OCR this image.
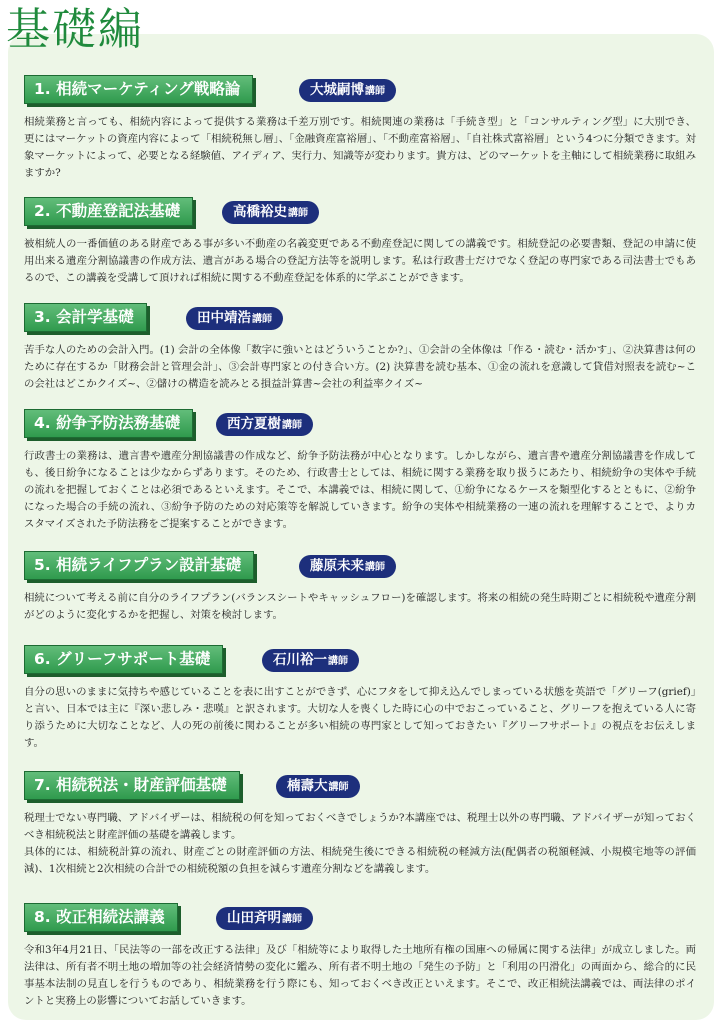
基礎編
1. 相続マーケティング戦略論	大城嗣博講師

相続業務と言っても、相続内容によって提供する業務は千差万別です。相続関連の業務は「手続き型」と「コンサルティング型」に大別でき、更にはマーケットの資産内容によって「相続税無し層」、「金融資産富裕層」、「不動産富裕層」、「自社株式富裕層」という4つに分類できます。対象マーケットによって、必要となる経験値、アイディア、実行力、知識等が変わります。貴方は、どのマーケットを主軸にして相続業務に取組みますか?

2. 不動産登記法基礎	高橋裕史講師

被相続人の一番価値のある財産である事が多い不動産の名義変更である不動産登記に関しての講義です。相続登記の必要書類、登記の申請に使用出来る遺産分割協議書の作成方法、遺言がある場合の登記方法等を説明します。私は行政書士だけでなく登記の専門家である司法書士でもあるので、この講義を受講して頂ければ相続に関する不動産登記を体系的に学ぶことができます。

3. 会計学基礎	田中靖浩講師

苦手な人のための会計入門。(1) 会計の全体像「数字に強いとはどういうことか?」、①会計の全体像は「作る・読む・活かす」、②決算書は何のために存在するか「財務会計と管理会計」、③会計専門家との付き合い方。(2) 決算書を読む基本、①金の流れを意識して貸借対照表を読む~この会社はどこかクイズ~、②儲けの構造を読みとる損益計算書~会社の利益率クイズ~

4. 紛争予防法務基礎	西方夏樹講師

行政書士の業務は、遺言書や遺産分割協議書の作成など、紛争予防法務が中心となります。しかしながら、遺言書や遺産分割協議書を作成しても、後日紛争になることは少なからずあります。そのため、行政書士としては、相続に関する業務を取り扱うにあたり、相続紛争の実体や手続の流れを把握しておくことは必須であるといえます。そこで、本講義では、相続に関して、①紛争になるケースを類型化するとともに、②紛争になった場合の手続の流れ、③紛争予防のための対応策等を解説していきます。紛争の実体や相続業務の一連の流れを理解することで、よりカスタマイズされた予防法務をご提案することができます。

5. 相続ライフプラン設計基礎	藤原未来講師

相続について考える前に自分のライフプラン(バランスシートやキャッシュフロー)を確認します。将来の相続の発生時期ごとに相続税や遺産分割がどのように変化するかを把握し、対策を検討します。

6. グリーフサポート基礎	石川裕一講師

自分の思いのままに気持ちや感じていることを表に出すことができず、心にフタをして抑え込んでしまっている状態を英語で「グリーフ(grief)」と言い、日本では主に『深い悲しみ・悲嘆』と訳されます。大切な人を喪くした時に心の中でおこっていること、グリーフを抱えている人に寄り添うために大切なことなど、人の死の前後に関わることが多い相続の専門家として知っておきたい『グリーフサポート』の視点をお伝えします。

7. 相続税法・財産評価基礎	楠壽大講師

税理士でない専門職、アドバイザーは、相続税の何を知っておくべきでしょうか?本講座では、税理士以外の専門職、アドバイザーが知っておくべき相続税法と財産評価の基礎を講義します。
具体的には、相続税計算の流れ、財産ごとの財産評価の方法、相続発生後にできる相続税の軽減方法(配偶者の税額軽減、小規模宅地等の評価減)、1次相続と2次相続の合計での相続税額の負担を減らす遺産分割などを講義します。

8. 改正相続法講義	山田斉明講師

令和3年4月21日、「民法等の一部を改正する法律」及び「相続等により取得した土地所有権の国庫への帰属に関する法律」が成立しました。両法律は、所有者不明土地の増加等の社会経済情勢の変化に鑑み、所有者不明土地の「発生の予防」と「利用の円滑化」の両面から、総合的に民事基本法制の見直しを行うものであり、相続業務を行う際にも、知っておくべき改正といえます。そこで、改正相続法講義では、両法律のポイントと実務上の影響についてお話していきます。
